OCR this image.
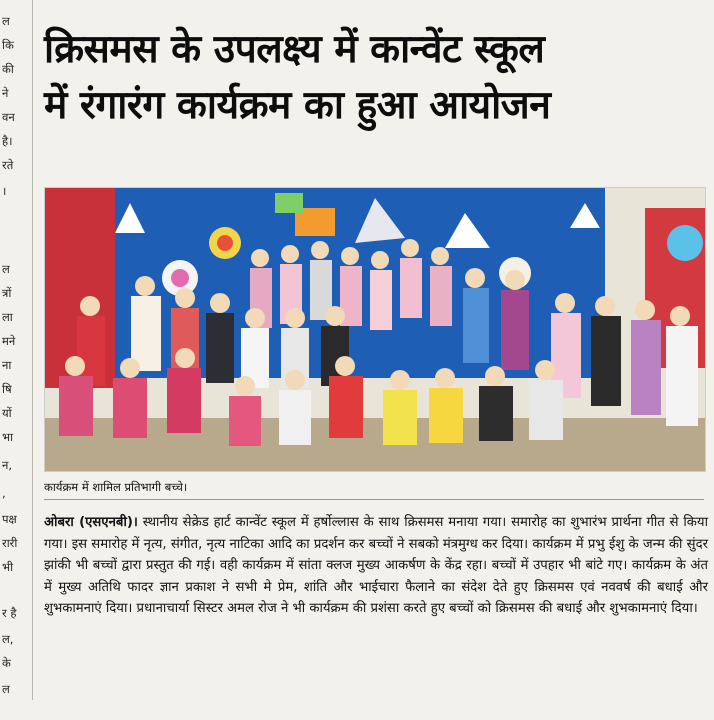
ल
कि
की
ने
वन
है।
रते
।
ल
त्रों
ला
मने
ना
षि
यों
भा
न,
,
पक्ष
रारी
भी
र है
ल,
के
ल
क्रिसमस के उपलक्ष्य में कान्वेंट स्कूल
में रंगारंग कार्यक्रम का हुआ आयोजन
कार्यक्रम में शामिल प्रतिभागी बच्चे।
ओबरा (एसएनबी)। स्थानीय सेक्रेड हार्ट कान्वेंट स्कूल में हर्षोल्लास के साथ क्रिसमस मनाया गया। समारोह का शुभारंभ प्रार्थना गीत से किया गया। इस समारोह में नृत्य, संगीत, नृत्य नाटिका आदि का प्रदर्शन कर बच्चों ने सबको मंत्रमुग्ध कर दिया। कार्यक्रम में प्रभु ईशु के जन्म की सुंदर झांकी भी बच्चों द्वारा प्रस्तुत की गई। वही कार्यक्रम में सांता क्लज मुख्य आकर्षण के केंद्र रहा। बच्चों में उपहार भी बांटे गए। कार्यक्रम के अंत में मुख्य अतिथि फादर ज्ञान प्रकाश ने सभी मे प्रेम, शांति और भाईचारा फैलाने का संदेश देते हुए क्रिसमस एवं नववर्ष की बधाई और शुभकामनाएं दिया। प्रधानाचार्या सिस्टर अमल रोज ने भी कार्यक्रम की प्रशंसा करते हुए बच्चों को क्रिसमस की बधाई और शुभकामनाएं दिया।
